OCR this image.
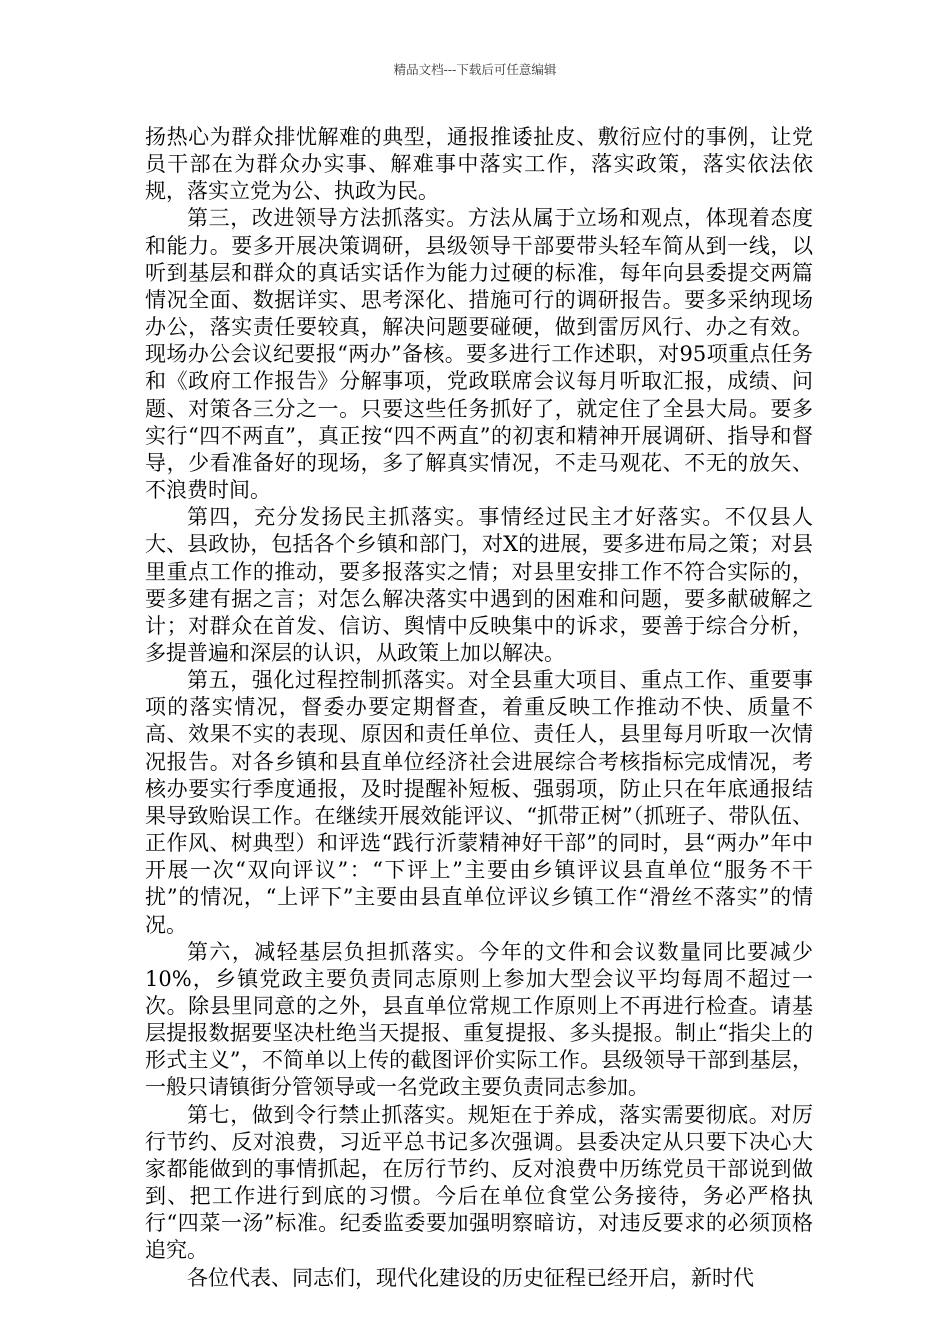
精品文档---下载后可任意编辑

扬热心为群众排忧解难的典型，通报推诿扯皮、敷衍应付的事例，让党员干部在为群众办实事、解难事中落实工作，落实政策，落实依法依规，落实立党为公、执政为民。

第三，改进领导方法抓落实。方法从属于立场和观点，体现着态度和能力。要多开展决策调研，县级领导干部要带头轻车简从到一线，以听到基层和群众的真话实话作为能力过硬的标准，每年向县委提交两篇情况全面、数据详实、思考深化、措施可行的调研报告。要多采纳现场办公，落实责任要较真，解决问题要碰硬，做到雷厉风行、办之有效。现场办公会议纪要报“两办”备核。要多进行工作述职，对95项重点任务和《政府工作报告》分解事项，党政联席会议每月听取汇报，成绩、问题、对策各三分之一。只要这些任务抓好了，就定住了全县大局。要多实行“四不两直”，真正按“四不两直”的初衷和精神开展调研、指导和督导，少看准备好的现场，多了解真实情况，不走马观花、不无的放矢、不浪费时间。

第四，充分发扬民主抓落实。事情经过民主才好落实。不仅县人大、县政协，包括各个乡镇和部门，对X的进展，要多进布局之策；对县里重点工作的推动，要多报落实之情；对县里安排工作不符合实际的，要多建有据之言；对怎么解决落实中遇到的困难和问题，要多献破解之计；对群众在首发、信访、舆情中反映集中的诉求，要善于综合分析，多提普遍和深层的认识，从政策上加以解决。

第五，强化过程控制抓落实。对全县重大项目、重点工作、重要事项的落实情况，督委办要定期督查，着重反映工作推动不快、质量不高、效果不实的表现、原因和责任单位、责任人，县里每月听取一次情况报告。对各乡镇和县直单位经济社会进展综合考核指标完成情况，考核办要实行季度通报，及时提醒补短板、强弱项，防止只在年底通报结果导致贻误工作。在继续开展效能评议、“抓带正树”（抓班子、带队伍、正作风、树典型）和评选“践行沂蒙精神好干部”的同时，县“两办”年中开展一次“双向评议”：“下评上”主要由乡镇评议县直单位“服务不干扰”的情况，“上评下”主要由县直单位评议乡镇工作“滑丝不落实”的情况。

第六，减轻基层负担抓落实。今年的文件和会议数量同比要减少10%，乡镇党政主要负责同志原则上参加大型会议平均每周不超过一次。除县里同意的之外，县直单位常规工作原则上不再进行检查。请基层提报数据要坚决杜绝当天提报、重复提报、多头提报。制止“指尖上的形式主义”，不简单以上传的截图评价实际工作。县级领导干部到基层，一般只请镇街分管领导或一名党政主要负责同志参加。

第七，做到令行禁止抓落实。规矩在于养成，落实需要彻底。对厉行节约、反对浪费，习近平总书记多次强调。县委决定从只要下决心大家都能做到的事情抓起，在厉行节约、反对浪费中历练党员干部说到做到、把工作进行到底的习惯。今后在单位食堂公务接待，务必严格执行“四菜一汤”标准。纪委监委要加强明察暗访，对违反要求的必须顶格追究。

各位代表、同志们，现代化建设的历史征程已经开启，新时代
